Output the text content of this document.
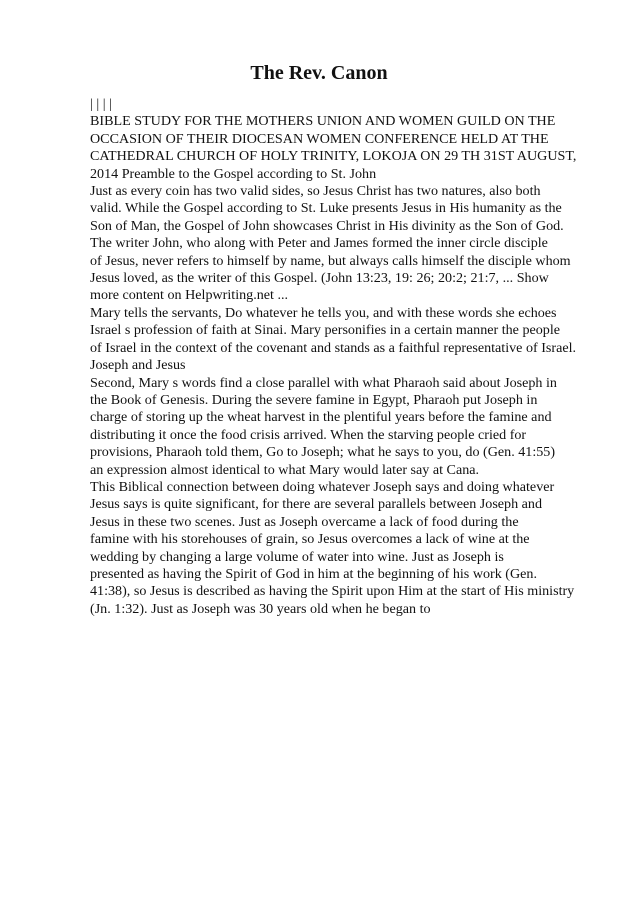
The Rev. Canon
| | | |
BIBLE STUDY FOR THE MOTHERS UNION AND WOMEN GUILD ON THE
OCCASION OF THEIR DIOCESAN WOMEN CONFERENCE HELD AT THE
CATHEDRAL CHURCH OF HOLY TRINITY, LOKOJA ON 29 TH 31ST AUGUST,
2014 Preamble to the Gospel according to St. John
Just as every coin has two valid sides, so Jesus Christ has two natures, also both
valid. While the Gospel according to St. Luke presents Jesus in His humanity as the
Son of Man, the Gospel of John showcases Christ in His divinity as the Son of God.
The writer John, who along with Peter and James formed the inner circle disciple
of Jesus, never refers to himself by name, but always calls himself the disciple whom
Jesus loved, as the writer of this Gospel. (John 13:23, 19: 26; 20:2; 21:7, ... Show
more content on Helpwriting.net ...
Mary tells the servants, Do whatever he tells you, and with these words she echoes
Israel s profession of faith at Sinai. Mary personifies in a certain manner the people
of Israel in the context of the covenant and stands as a faithful representative of Israel.
Joseph and Jesus
Second, Mary s words find a close parallel with what Pharaoh said about Joseph in
the Book of Genesis. During the severe famine in Egypt, Pharaoh put Joseph in
charge of storing up the wheat harvest in the plentiful years before the famine and
distributing it once the food crisis arrived. When the starving people cried for
provisions, Pharaoh told them, Go to Joseph; what he says to you, do (Gen. 41:55)
an expression almost identical to what Mary would later say at Cana.
This Biblical connection between doing whatever Joseph says and doing whatever
Jesus says is quite significant, for there are several parallels between Joseph and
Jesus in these two scenes. Just as Joseph overcame a lack of food during the
famine with his storehouses of grain, so Jesus overcomes a lack of wine at the
wedding by changing a large volume of water into wine. Just as Joseph is
presented as having the Spirit of God in him at the beginning of his work (Gen.
41:38), so Jesus is described as having the Spirit upon Him at the start of His ministry
(Jn. 1:32). Just as Joseph was 30 years old when he began to
